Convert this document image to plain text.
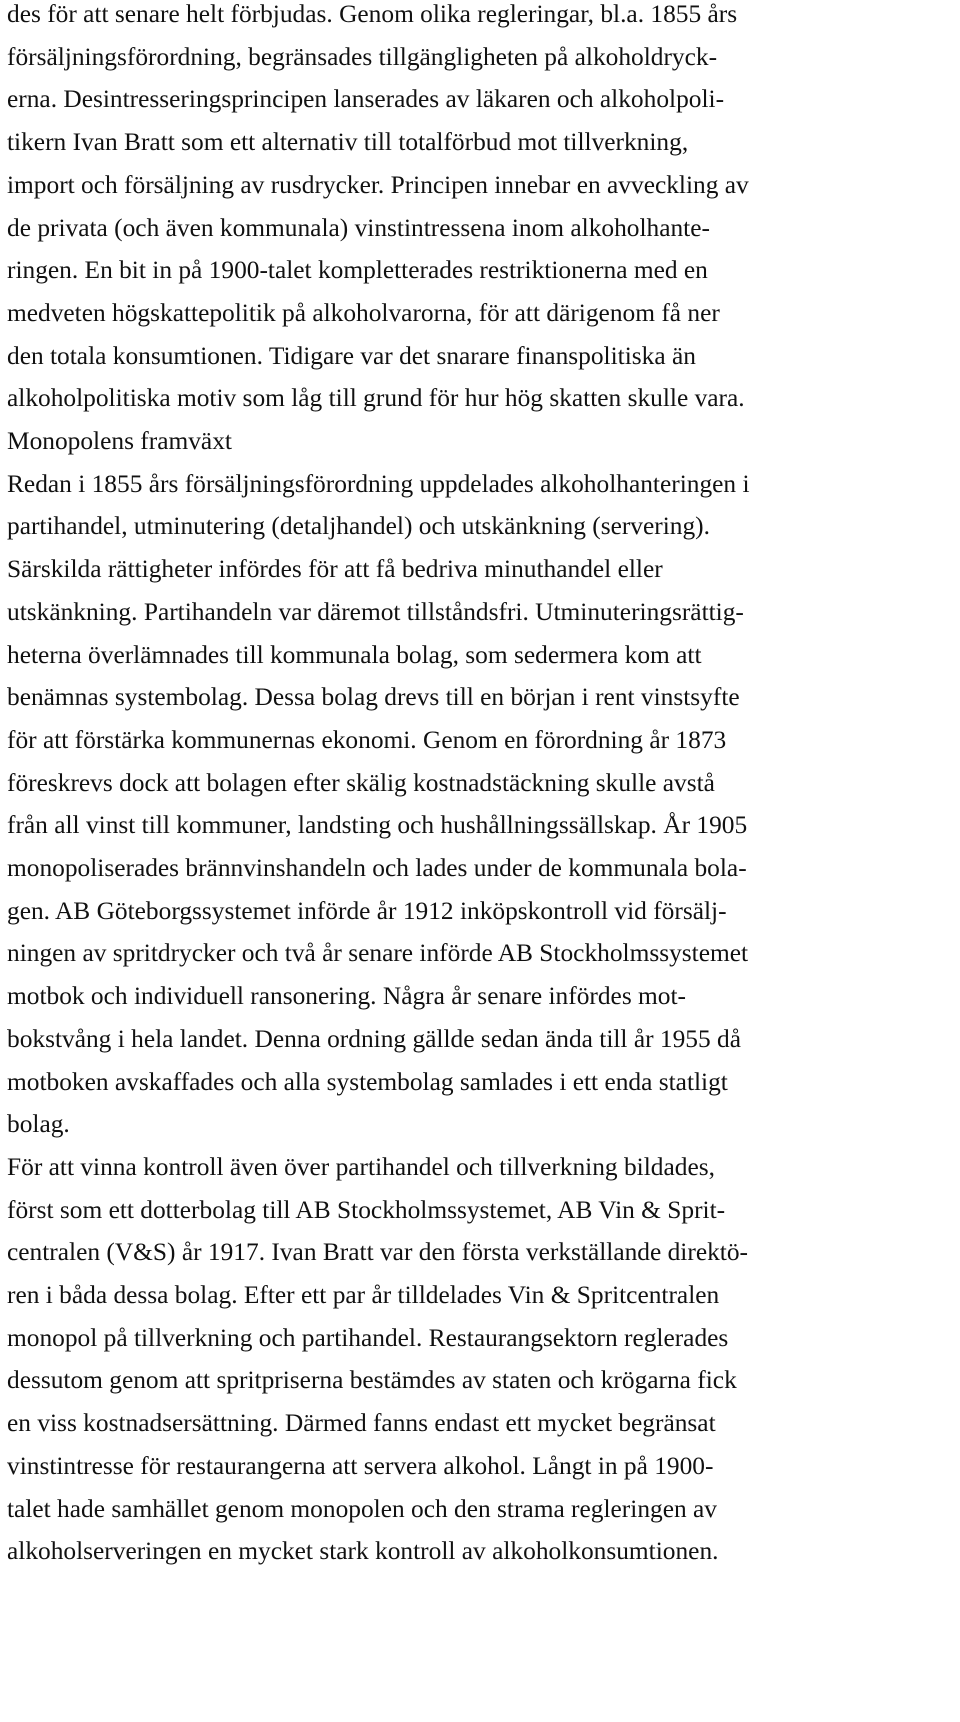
des för att senare helt förbjudas. Genom olika regleringar, bl.a. 1855 års
försäljningsförordning, begränsades tillgängligheten på alkoholdryck-
erna. Desintresseringsprincipen lanserades av läkaren och alkoholpoli-
tikern Ivan Bratt som ett alternativ till totalförbud mot tillverkning,
import och försäljning av rusdrycker. Principen innebar en avveckling av
de privata (och även kommunala) vinstintressena inom alkoholhante-
ringen. En bit in på 1900-talet kompletterades restriktionerna med en
medveten högskattepolitik på alkoholvarorna, för att därigenom få ner
den totala konsumtionen. Tidigare var det snarare finanspolitiska än
alkoholpolitiska motiv som låg till grund för hur hög skatten skulle vara.
Monopolens framväxt
Redan i 1855 års försäljningsförordning uppdelades alkoholhanteringen i
partihandel, utminutering (detaljhandel) och utskänkning (servering).
Särskilda rättigheter infördes för att få bedriva minuthandel eller
utskänkning. Partihandeln var däremot tillståndsfri. Utminuteringsrättig-
heterna överlämnades till kommunala bolag, som sedermera kom att
benämnas systembolag. Dessa bolag drevs till en början i rent vinstsyfte
för att förstärka kommunernas ekonomi. Genom en förordning år 1873
föreskrevs dock att bolagen efter skälig kostnadstäckning skulle avstå
från all vinst till kommuner, landsting och hushållningssällskap. År 1905
monopoliserades brännvinshandeln och lades under de kommunala bola-
gen. AB Göteborgssystemet införde år 1912 inköpskontroll vid försälj-
ningen av spritdrycker och två år senare införde AB Stockholmssystemet
motbok och individuell ransonering. Några år senare infördes mot-
bokstvång i hela landet. Denna ordning gällde sedan ända till år 1955 då
motboken avskaffades och alla systembolag samlades i ett enda statligt
bolag.
För att vinna kontroll även över partihandel och tillverkning bildades,
först som ett dotterbolag till AB Stockholmssystemet, AB Vin & Sprit-
centralen (V&S) år 1917. Ivan Bratt var den första verkställande direktö-
ren i båda dessa bolag. Efter ett par år tilldelades Vin & Spritcentralen
monopol på tillverkning och partihandel. Restaurangsektorn reglerades
dessutom genom att spritpriserna bestämdes av staten och krögarna fick
en viss kostnadsersättning. Därmed fanns endast ett mycket begränsat
vinstintresse för restaurangerna att servera alkohol. Långt in på 1900-
talet hade samhället genom monopolen och den strama regleringen av
alkoholserveringen en mycket stark kontroll av alkoholkonsumtionen.
